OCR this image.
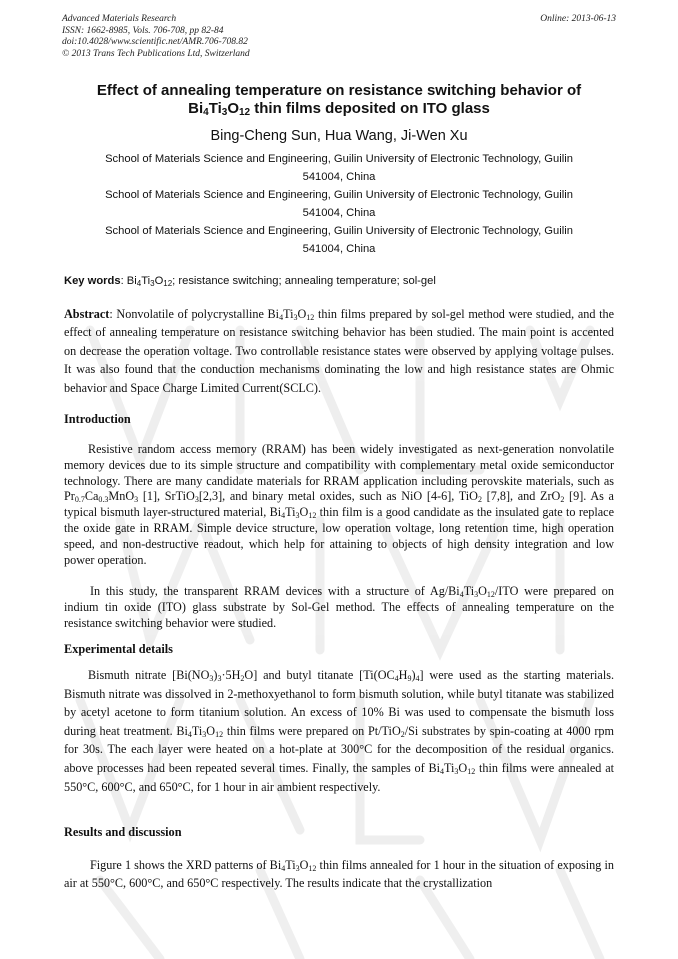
Advanced Materials Research
ISSN: 1662-8985, Vols. 706-708, pp 82-84
doi:10.4028/www.scientific.net/AMR.706-708.82
© 2013 Trans Tech Publications Ltd, Switzerland
Online: 2013-06-13
Effect of annealing temperature on resistance switching behavior of
$Bi_4Ti_3O_{12}$ thin films deposited on ITO glass
Bing-Cheng Sun, Hua Wang, Ji-Wen Xu
School of Materials Science and Engineering, Guilin University of Electronic Technology, Guilin
541004, China
School of Materials Science and Engineering, Guilin University of Electronic Technology, Guilin
541004, China
School of Materials Science and Engineering, Guilin University of Electronic Technology, Guilin
541004, China
Key words: $Bi_4Ti_3O_{12}$; resistance switching; annealing temperature; sol-gel
Abstract: Nonvolatile of polycrystalline $Bi_4Ti_3O_{12}$ thin films prepared by sol-gel method were studied, and the effect of annealing temperature on resistance switching behavior has been studied. The main point is accented on decrease the operation voltage. Two controllable resistance states were observed by applying voltage pulses. It was also found that the conduction mechanisms dominating the low and high resistance states are Ohmic behavior and Space Charge Limited Current(SCLC).
Introduction
Resistive random access memory (RRAM) has been widely investigated as next-generation nonvolatile memory devices due to its simple structure and compatibility with complementary metal oxide semiconductor technology. There are many candidate materials for RRAM application including perovskite materials, such as $Pr_{0.7}Ca_{0.3}MnO_3$ [1], SrTiO$_3$[2,3], and binary metal oxides, such as NiO [4-6], TiO$_2$ [7,8], and ZrO$_2$ [9]. As a typical bismuth layer-structured material, $Bi_4Ti_3O_{12}$ thin film is a good candidate as the insulated gate to replace the oxide gate in RRAM. Simple device structure, low operation voltage, long retention time, high operation speed, and non-destructive readout, which help for attaining to objects of high density integration and low power operation.
In this study, the transparent RRAM devices with a structure of $Ag/Bi_4Ti_3O_{12}$/ITO were prepared on indium tin oxide (ITO) glass substrate by Sol-Gel method. The effects of annealing temperature on the resistance switching behavior were studied.
Experimental details
Bismuth nitrate $[Bi(NO_3)_3\cdot 5H_2O]$ and butyl titanate $[Ti(OC_4H_9)_4]$ were used as the starting materials. Bismuth nitrate was dissolved in 2-methoxyethanol to form bismuth solution, while butyl titanate was stabilized by acetyl acetone to form titanium solution. An excess of 10% Bi was used to compensate the bismuth loss during heat treatment. $Bi_4Ti_3O_{12}$ thin films were prepared on Pt/TiO$_2$/Si substrates by spin-coating at 4000 rpm for 30s. The each layer were heated on a hot-plate at 300°C for the decomposition of the residual organics. above processes had been repeated several times. Finally, the samples of $Bi_4Ti_3O_{12}$ thin films were annealed at 550°C, 600°C, and 650°C, for 1 hour in air ambient respectively.
Results and discussion
Figure 1 shows the XRD patterns of $Bi_4Ti_3O_{12}$ thin films annealed for 1 hour in the situation of exposing in air at 550°C, 600°C, and 650°C respectively. The results indicate that the crystallization
